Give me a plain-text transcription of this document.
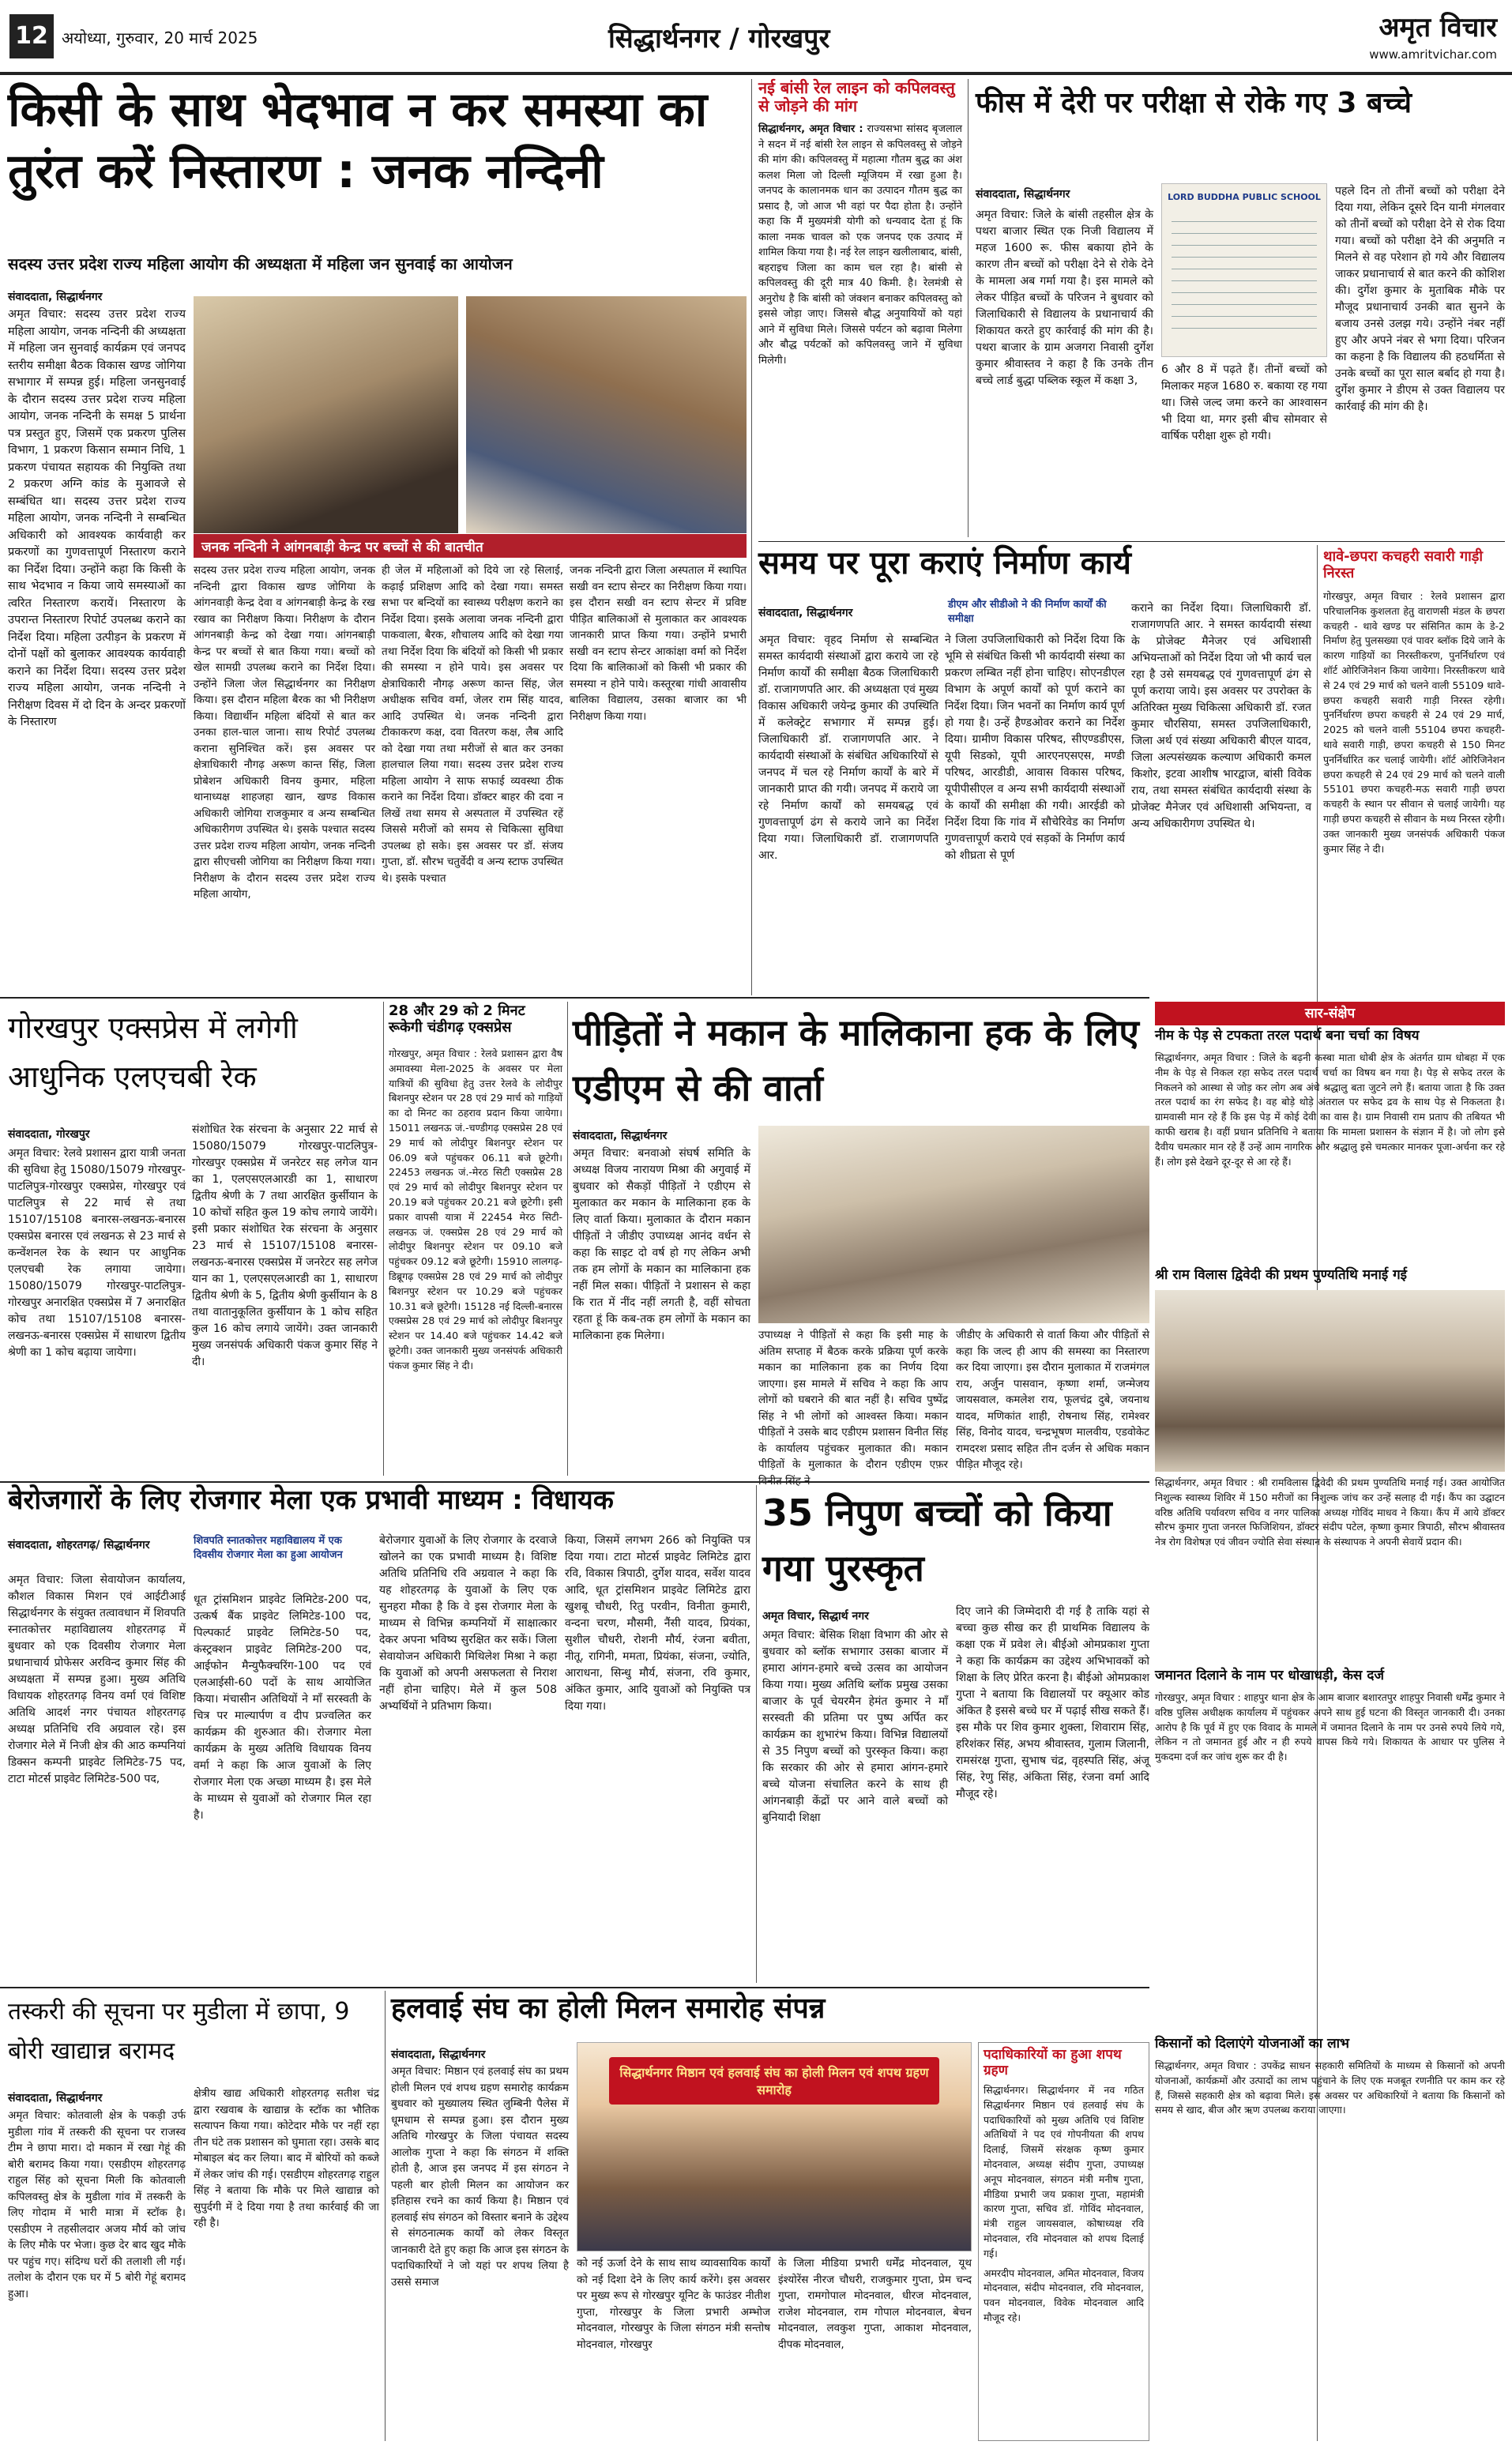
12 अयोध्या, गुरुवार, 20 मार्च 2025	सिद्धार्थनगर / गोरखपुर	अमृत विचार
www.amritvichar.com
किसी के साथ भेदभाव न कर समस्या का तुरंत करें निस्तारण : जनक नन्दिनी
सदस्य उत्तर प्रदेश राज्य महिला आयोग की अध्यक्षता में महिला जन सुनवाई का आयोजन
संवाददाता, सिद्धार्थनगर
अमृत विचार: सदस्य उत्तर प्रदेश राज्य महिला आयोग, जनक नन्दिनी की अध्यक्षता में महिला जन सुनवाई कार्यक्रम एवं जनपद स्तरीय समीक्षा बैठक विकास खण्ड जोगिया सभागार में सम्पन्न हुई। महिला जनसुनवाई के दौरान सदस्य उत्तर प्रदेश राज्य महिला आयोग, जनक नन्दिनी के समक्ष 5 प्रार्थना पत्र प्रस्तुत हुए, जिसमें एक प्रकरण पुलिस विभाग, 1 प्रकरण किसान सम्मान निधि, 1 प्रकरण पंचायत सहायक की नियुक्ति तथा 2 प्रकरण अग्नि कांड के मुआवजे से सम्बंधित था। सदस्य उत्तर प्रदेश राज्य महिला आयोग, जनक नन्दिनी ने सम्बन्धित अधिकारी को आवश्यक कार्यवाही कर प्रकरणों का गुणवत्तापूर्ण निस्तारण कराने का निर्देश दिया। उन्होंने कहा कि किसी के साथ भेदभाव न किया जाये समस्याओं का त्वरित निस्तारण करायें। निस्तारण के उपरान्त निस्तारण रिपोर्ट उपलब्ध कराने का निर्देश दिया। महिला उत्पीड़न के प्रकरण में दोनों पक्षों को बुलाकर आवश्यक कार्यवाही कराने का निर्देश दिया। सदस्य उत्तर प्रदेश राज्य महिला आयोग, जनक नन्दिनी ने निरीक्षण दिवस में दो दिन के अन्दर प्रकरणों के निस्तारण
जनक नन्दिनी ने आंगनबाड़ी केन्द्र पर बच्चों से की बातचीत
सदस्य उत्तर प्रदेश राज्य महिला आयोग, जनक नन्दिनी द्वारा विकास खण्ड जोगिया के आंगनवाड़ी केन्द्र देवा व आंगनबाड़ी केन्द्र के रख रखाव का निरीक्षण किया। निरीक्षण के दौरान आंगनबाड़ी केन्द्र को देखा गया। आंगनबाड़ी केन्द्र पर बच्चों से बात किया गया। बच्चों को खेल सामग्री उपलब्ध कराने का निर्देश दिया। उन्होंने जिला जेल सिद्धार्थनगर का निरीक्षण किया। इस दौरान महिला बैरक का भी निरीक्षण किया। विद्यार्थीन महिला बंदियों से बात कर उनका हाल-चाल जाना। साथ रिपोर्ट उपलब्ध कराना सुनिश्चित करें। इस अवसर पर क्षेत्राधिकारी नौगढ़ अरूण कान्त सिंह, जिला प्रोबेशन अधिकारी विनय कुमार, महिला थानाध्यक्ष शाहजहा खान, खण्ड विकास अधिकारी जोगिया राजकुमार व अन्य सम्बन्धित अधिकारीगण उपस्थित थे। इसके पश्चात सदस्य उत्तर प्रदेश राज्य महिला आयोग, जनक नन्दिनी द्वारा सीएचसी जोगिया का निरीक्षण किया गया। निरीक्षण के दौरान सदस्य उत्तर प्रदेश राज्य महिला आयोग,
ही जेल में महिलाओं को दिये जा रहे सिलाई, कढ़ाई प्रशिक्षण आदि को देखा गया। समस्त सभा पर बन्दियों का स्वास्थ्य परीक्षण कराने का निर्देश दिया। इसके अलावा जनक नन्दिनी द्वारा पाकवाला, बैरक, शौचालय आदि को देखा गया तथा निर्देश दिया कि बंदियों को किसी भी प्रकार की समस्या न होने पाये। इस अवसर पर क्षेत्राधिकारी नौगढ़ अरूण कान्त सिंह, जेल अधीक्षक सचिव वर्मा, जेलर राम सिंह यादव, आदि उपस्थित थे। जनक नन्दिनी द्वारा टीकाकरण कक्ष, दवा वितरण कक्ष, लैब आदि को देखा गया तथा मरीजों से बात कर उनका हालचाल लिया गया। सदस्य उत्तर प्रदेश राज्य महिला आयोग ने साफ सफाई व्यवस्था ठीक कराने का निर्देश दिया। डॉक्टर बाहर की दवा न लिखें तथा समय से अस्पताल में उपस्थित रहें जिससे मरीजों को समय से चिकित्सा सुविधा उपलब्ध हो सके। इस अवसर पर डॉ. संजय गुप्ता, डॉ. सौरभ चतुर्वेदी व अन्य स्टाफ उपस्थित थे। इसके पश्चात
जनक नन्दिनी द्वारा जिला अस्पताल में स्थापित सखी वन स्टाप सेन्टर का निरीक्षण किया गया। इस दौरान सखी वन स्टाप सेन्टर में प्रविष्ट पीड़ित बालिकाओं से मुलाकात कर आवश्यक जानकारी प्राप्त किया गया। उन्होंने प्रभारी सखी वन स्टाप सेन्टर आकांक्षा वर्मा को निर्देश दिया कि बालिकाओं को किसी भी प्रकार की समस्या न होने पाये। कस्तूरबा गांधी आवासीय बालिका विद्यालय, उसका बाजार का भी निरीक्षण किया गया।
नई बांसी रेल लाइन को कपिलवस्तु से जोड़ने की मांग
सिद्धार्थनगर, अमृत विचार : राज्यसभा सांसद बृजलाल ने सदन में नई बांसी रेल लाइन से कपिलवस्तु से जोड़ने की मांग की। कपिलवस्तु में महात्मा गौतम बुद्ध का अंश कलश मिला जो दिल्ली म्यूजियम में रखा हुआ है। जनपद के कालानमक धान का उत्पादन गौतम बुद्ध का प्रसाद है, जो आज भी वहां पर पैदा होता है। उन्होंने कहा कि मैं मुख्यमंत्री योगी को धन्यवाद देता हूं कि काला नमक चावल को एक जनपद एक उत्पाद में शामिल किया गया है। नई रेल लाइन खलीलाबाद, बांसी, बहराइच जिला का काम चल रहा है। बांसी से कपिलवस्तु की दूरी मात्र 40 किमी. है। रेलमंत्री से अनुरोध है कि बांसी को जंक्शन बनाकर कपिलवस्तु को इससे जोड़ा जाए। जिससे बौद्ध अनुयायियों को यहां आने में सुविधा मिले। जिससे पर्यटन को बढ़ावा मिलेगा और बौद्ध पर्यटकों को कपिलवस्तु जाने में सुविधा मिलेगी।
फीस में देरी पर परीक्षा से रोके गए 3 बच्चे
संवाददाता, सिद्धार्थनगर
अमृत विचार: जिले के बांसी तहसील क्षेत्र के पथरा बाजार स्थित एक निजी विद्यालय में महज 1600 रू. फीस बकाया होने के कारण तीन बच्चों को परीक्षा देने से रोके देने के मामला अब गर्मा गया है। इस मामले को लेकर पीड़ित बच्चों के परिजन ने बुधवार को जिलाधिकारी से विद्यालय के प्रधानाचार्य की शिकायत करते हुए कार्रवाई की मांग की है। पथरा बाजार के ग्राम अजगरा निवासी दुर्गेश कुमार श्रीवास्तव ने कहा है कि उनके तीन बच्चे लार्ड बुद्धा पब्लिक स्कूल में कक्षा 3,
LORD BUDDHA PUBLIC SCHOOL
6 और 8 में पढ़ते हैं। तीनों बच्चों को मिलाकर महज 1680 रु. बकाया रह गया था। जिसे जल्द जमा करने का आश्वासन भी दिया था, मगर इसी बीच सोमवार से वार्षिक परीक्षा शुरू हो गयी।
पहले दिन तो तीनों बच्चों को परीक्षा देने दिया गया, लेकिन दूसरे दिन यानी मंगलवार को तीनों बच्चों को परीक्षा देने से रोक दिया गया। बच्चों को परीक्षा देने की अनुमति न मिलने से वह परेशान हो गये और विद्यालय जाकर प्रधानाचार्य से बात करने की कोशिश की। दुर्गेश कुमार के मुताबिक मौके पर मौजूद प्रधानाचार्य उनकी बात सुनने के बजाय उनसे उलझ गये। उन्होंने नंबर नहीं हुए और अपने नंबर से भगा दिया। परिजन का कहना है कि विद्यालय की हठधर्मिता से उनके बच्चों का पूरा साल बर्बाद हो गया है। दुर्गेश कुमार ने डीएम से उक्त विद्यालय पर कार्रवाई की मांग की है।
समय पर पूरा कराएं निर्माण कार्य
संवाददाता, सिद्धार्थनगर
डीएम और सीडीओ ने की निर्माण कार्यों की समीक्षा
अमृत विचार: वृहद निर्माण से सम्बन्धित समस्त कार्यदायी संस्थाओं द्वारा कराये जा रहे निर्माण कार्यों की समीक्षा बैठक जिलाधिकारी डॉ. राजागणपति आर. की अध्यक्षता एवं मुख्य विकास अधिकारी जयेन्द्र कुमार की उपस्थिति में कलेक्ट्रेट सभागार में सम्पन्न हुई। जिलाधिकारी डॉ. राजागणपति आर. ने कार्यदायी संस्थाओं के संबंधित अधिकारियों से जनपद में चल रहे निर्माण कार्यों के बारे में जानकारी प्राप्त की गयी। जनपद में कराये जा रहे निर्माण कार्यों को समयबद्ध एवं गुणवत्तापूर्ण ढंग से कराये जाने का निर्देश दिया गया। जिलाधिकारी डॉ. राजागणपति आर.
ने जिला उपजिलाधिकारी को निर्देश दिया कि भूमि से संबंधित किसी भी कार्यदायी संस्था का प्रकरण लम्बित नहीं होना चाहिए। सोएनडीएल विभाग के अपूर्ण कार्यों को पूर्ण कराने का निर्देश दिया। जिन भवनों का निर्माण कार्य पूर्ण हो गया है। उन्हें हैण्डओवर कराने का निर्देश दिया। ग्रामीण विकास परिषद, सीएण्डडीएस, यूपी सिडको, यूपी आरएनएसएस, मण्डी परिषद, आरडीडी, आवास विकास परिषद, यूपीपीसीएल व अन्य सभी कार्यदायी संस्थाओं के कार्यों की समीक्षा की गयी। आरईडी को निर्देश दिया कि गांव में सौचेरिवेड का निर्माण गुणवत्तापूर्ण कराये एवं सड़कों के निर्माण कार्य को शीघ्रता से पूर्ण
कराने का निर्देश दिया। जिलाधिकारी डॉ. राजागणपति आर. ने समस्त कार्यदायी संस्था के प्रोजेक्ट मैनेजर एवं अधिशासी अभियन्ताओं को निर्देश दिया जो भी कार्य चल रहा है उसे समयबद्ध एवं गुणवत्तापूर्ण ढंग से पूर्ण कराया जाये। इस अवसर पर उपरोक्त के अतिरिक्त मुख्य चिकित्सा अधिकारी डॉ. रजत कुमार चौरसिया, समस्त उपजिलाधिकारी, जिला अर्थ एवं संख्या अधिकारी बीएल यादव, जिला अल्पसंख्यक कल्याण अधिकारी कमल किशोर, इटवा आशीष भारद्वाज, बांसी विवेक राय, तथा समस्त संबंधित कार्यदायी संस्था के प्रोजेक्ट मैनेजर एवं अधिशासी अभियन्ता, व अन्य अधिकारीगण उपस्थित थे।
थावे-छपरा कचहरी सवारी गाड़ी निरस्त
गोरखपुर, अमृत विचार : रेलवे प्रशासन द्वारा परिचालनिक कुशलता हेतु वाराणसी मंडल के छपरा कचहरी - थावे खण्ड पर संसिनित काम के डे-2 निर्माण हेतु पुलसख्या एवं पावर ब्लॉक दिये जाने के कारण गाड़ियों का निरस्तीकरण, पुनर्निर्धारण एवं शॉर्ट ओरिजिनेशन किया जायेगा। निरस्तीकरण थावे से 24 एवं 29 मार्च को चलने वाली 55109 थावे-छपरा कचहरी सवारी गाड़ी निरस्त रहेगी। पुनर्निर्धारण छपरा कचहरी से 24 एवं 29 मार्च, 2025 को चलने वाली 55104 छपरा कचहरी-थावे सवारी गाड़ी, छपरा कचहरी से 150 मिनट पुनर्निर्धारित कर चलाई जायेगी। शॉर्ट ओरिजिनेशन छपरा कचहरी से 24 एवं 29 मार्च को चलने वाली 55101 छपरा कचहरी-मऊ सवारी गाड़ी छपरा कचहरी के स्थान पर सीवान से चलाई जायेगी। यह गाड़ी छपरा कचहरी से सीवान के मध्य निरस्त रहेगी। उक्त जानकारी मुख्य जनसंपर्क अधिकारी पंकज कुमार सिंह ने दी।
सार-संक्षेप
नीम के पेड़ से टपकता तरल पदार्थ बना चर्चा का विषय
सिद्धार्थनगर, अमृत विचार : जिले के बढ़नी कस्बा माता धोबी क्षेत्र के अंतर्गत ग्राम धोबहा में एक नीम के पेड़ से निकल रहा सफेद तरल पदार्थ चर्चा का विषय बन गया है। पेड़ से सफेद तरल के निकलने को आस्था से जोड़ कर लोग अब अंधे श्रद्धालु बता जुटने लगे हैं। बताया जाता है कि उक्त तरल पदार्थ का रंग सफेद है। वह बोड़े थोड़े अंतराल पर सफेद द्रव के साथ पेड़ से निकलता है। ग्रामवासी मान रहे हैं कि इस पेड़ में कोई देवी का वास है। ग्राम निवासी राम प्रताप की तबियत भी काफी खराब है। वहीं प्रधान प्रतिनिधि ने बताया कि मामला प्रशासन के संज्ञान में है। जो लोग इसे दैवीय चमत्कार मान रहे हैं उन्हें आम नागरिक और श्रद्धालु इसे चमत्कार मानकर पूजा-अर्चना कर रहे हैं। लोग इसे देखने दूर-दूर से आ रहे हैं।
श्री राम विलास द्विवेदी की प्रथम पुण्यतिथि मनाई गई
सिद्धार्थनगर, अमृत विचार : श्री रामविलास द्विवेदी की प्रथम पुण्यतिथि मनाई गई। उक्त आयोजित निशुल्क स्वास्थ्य शिविर में 150 मरीजों का निशुल्क जांच कर उन्हें सलाह दी गई। कैंप का उद्घाटन वरिष्ठ अतिथि पर्यावरण सचिव व नगर पालिका अध्यक्ष गोविंद माधव ने किया। कैंप में आये डॉक्टर सौरभ कुमार गुप्ता जनरल फिजिशियन, डॉक्टर संदीप पटेल, कृष्णा कुमार त्रिपाठी, सौरभ श्रीवास्तव नेत्र रोग विशेषज्ञ एवं जीवन ज्योति सेवा संस्थान के संस्थापक ने अपनी सेवायें प्रदान की।
जमानत दिलाने के नाम पर धोखाधड़ी, केस दर्ज
गोरखपुर, अमृत विचार : शाहपुर थाना क्षेत्र के आम बाजार बशारतपुर शाहपुर निवासी धर्मेंद्र कुमार ने वरिष्ठ पुलिस अधीक्षक कार्यालय में पहुंचकर अपने साथ हुई घटना की विस्तृत जानकारी दी। उनका आरोप है कि पूर्व में हुए एक विवाद के मामले में जमानत दिलाने के नाम पर उनसे रुपये लिये गये, लेकिन न तो जमानत हुई और न ही रुपये वापस किये गये। शिकायत के आधार पर पुलिस ने मुकदमा दर्ज कर जांच शुरू कर दी है।
किसानों को दिलाएंगे योजनाओं का लाभ
सिद्धार्थनगर, अमृत विचार : उपकेंद्र साधन सहकारी समितियों के माध्यम से किसानों को अपनी योजनाओं, कार्यक्रमों और उत्पादों का लाभ पहुंचाने के लिए एक मजबूत रणनीति पर काम कर रहे हैं, जिससे सहकारी क्षेत्र को बढ़ावा मिले। इस अवसर पर अधिकारियों ने बताया कि किसानों को समय से खाद, बीज और ऋण उपलब्ध कराया जाएगा।
गोरखपुर एक्सप्रेस में लगेगी आधुनिक एलएचबी रेक
संवाददाता, गोरखपुर
अमृत विचार: रेलवे प्रशासन द्वारा यात्री जनता की सुविधा हेतु 15080/15079 गोरखपुर-पाटलिपुत्र-गोरखपुर एक्सप्रेस, गोरखपुर एवं पाटलिपुत्र से 22 मार्च से तथा 15107/15108 बनारस-लखनऊ-बनारस एक्सप्रेस बनारस एवं लखनऊ से 23 मार्च से कन्वेंशनल रेक के स्थान पर आधुनिक एलएचबी रेक लगाया जायेगा। 15080/15079 गोरखपुर-पाटलिपुत्र-गोरखपुर अनारक्षित एक्सप्रेस में 7 अनारक्षित कोच तथा 15107/15108 बनारस-लखनऊ-बनारस एक्सप्रेस में साधारण द्वितीय श्रेणी का 1 कोच बढ़ाया जायेगा।
संशोधित रेक संरचना के अनुसार 22 मार्च से 15080/15079 गोरखपुर-पाटलिपुत्र-गोरखपुर एक्सप्रेस में जनरेटर सह लगेज यान का 1, एलएसएलआरडी का 1, साधारण द्वितीय श्रेणी के 7 तथा आरक्षित कुर्सीयान के 10 कोचों सहित कुल 19 कोच लगाये जायेंगे। इसी प्रकार संशोधित रेक संरचना के अनुसार 23 मार्च से 15107/15108 बनारस-लखनऊ-बनारस एक्सप्रेस में जनरेटर सह लगेज यान का 1, एलएसएलआरडी का 1, साधारण द्वितीय श्रेणी के 5, द्वितीय श्रेणी कुर्सीयान के 8 तथा वातानुकूलित कुर्सीयान के 1 कोच सहित कुल 16 कोच लगाये जायेंगे। उक्त जानकारी मुख्य जनसंपर्क अधिकारी पंकज कुमार सिंह ने दी।
28 और 29 को 2 मिनट रूकेगी चंडीगढ़ एक्सप्रेस
गोरखपुर, अमृत विचार : रेलवे प्रशासन द्वारा वैष अमावस्या मेला-2025 के अवसर पर मेला यात्रियों की सुविधा हेतु उत्तर रेलवे के लोदीपुर बिशनपुर स्टेशन पर 28 एवं 29 मार्च को गाड़ियों का दो मिनट का ठहराव प्रदान किया जायेगा। 15011 लखनऊ जं.-चण्डीगढ़ एक्सप्रेस 28 एवं 29 मार्च को लोदीपुर बिशनपुर स्टेशन पर 06.09 बजे पहुंचकर 06.11 बजे छूटेगी। 22453 लखनऊ जं.-मेरठ सिटी एक्सप्रेस 28 एवं 29 मार्च को लोदीपुर बिशनपुर स्टेशन पर 20.19 बजे पहुंचकर 20.21 बजे छूटेगी। इसी प्रकार वापसी यात्रा में 22454 मेरठ सिटी-लखनऊ जं. एक्सप्रेस 28 एवं 29 मार्च को लोदीपुर बिशनपुर स्टेशन पर 09.10 बजे पहुंचकर 09.12 बजे छूटेगी। 15910 लालगढ़-डिब्रूगढ़ एक्सप्रेस 28 एवं 29 मार्च को लोदीपुर बिशनपुर स्टेशन पर 10.29 बजे पहुंचकर 10.31 बजे छूटेगी। 15128 नई दिल्ली-बनारस एक्सप्रेस 28 एवं 29 मार्च को लोदीपुर बिशनपुर स्टेशन पर 14.40 बजे पहुंचकर 14.42 बजे छूटेगी। उक्त जानकारी मुख्य जनसंपर्क अधिकारी पंकज कुमार सिंह ने दी।
पीड़ितों ने मकान के मालिकाना हक के लिए एडीएम से की वार्ता
संवाददाता, सिद्धार्थनगर
अमृत विचार: बनवाओ संघर्ष समिति के अध्यक्ष विजय नारायण मिश्रा की अगुवाई में बुधवार को सैकड़ों पीड़ितों ने एडीएम से मुलाकात कर मकान के मालिकाना हक के लिए वार्ता किया। मुलाकात के दौरान मकान पीड़ितों ने जीडीए उपाध्यक्ष आनंद वर्धन से कहा कि साइट दो वर्ष हो गए लेकिन अभी तक हम लोगों के मकान का मालिकाना हक नहीं मिल सका। पीड़ितों ने प्रशासन से कहा कि रात में नींद नहीं लगती है, वहीं सोचता रहता हूं कि कब-तक हम लोगों के मकान का मालिकाना हक मिलेगा।	उपाध्यक्ष ने पीड़ितों से कहा कि इसी माह के अंतिम सप्ताह में बैठक करके प्रक्रिया पूर्ण करके मकान का मालिकाना हक का निर्णय दिया जाएगा। इस मामले में सचिव ने कहा कि आप लोगों को घबराने की बात नहीं है। सचिव पुष्पेंद्र सिंह ने भी लोगों को आश्वस्त किया। मकान पीड़ितों ने उसके बाद एडीएम प्रशासन विनीत सिंह के कार्यालय पहुंचकर मुलाकात की। मकान पीड़ितों के मुलाकात के दौरान एडीएम एफ़र
जीडीए के अधिकारी से वार्ता किया और पीड़ितों से कहा कि जल्द ही आप की समस्या का निस्तारण कर दिया जाएगा। इस दौरान मुलाकात में राजमंगल राय, अर्जुन पासवान, कृष्णा शर्मा, जन्मेजय जायसवाल, कमलेश राय, फूलचंद्र दुबे, जयनाथ यादव, मणिकांत शाही, रोषनाथ सिंह, रामेश्वर सिंह, विनोद यादव, चन्द्रभूषण मालवीय, एडवोकेट रामदरश प्रसाद सहित तीन दर्जन से अधिक मकान पीड़ित मौजूद रहे।
बेरोजगारों के लिए रोजगार मेला एक प्रभावी माध्यम : विधायक
संवाददाता, शोहरतगढ़/ सिद्धार्थनगर
अमृत विचार: जिला सेवायोजन कार्यालय, कौशल विकास मिशन एवं आईटीआई सिद्धार्थनगर के संयुक्त तत्वावधान में शिवपति स्नातकोत्तर महाविद्यालय शोहरतगढ़ में बुधवार को एक दिवसीय रोजगार मेला प्रधानाचार्य प्रोफेसर अरविन्द कुमार सिंह की अध्यक्षता में सम्पन्न हुआ। मुख्य अतिथि विधायक शोहरतगढ़ विनय वर्मा एवं विशिष्ट अतिथि आदर्श नगर पंचायत शोहरतगढ़ अध्यक्ष प्रतिनिधि रवि अग्रवाल रहे। इस रोजगार मेले में निजी क्षेत्र की आठ कम्पनियां डिक्सन कम्पनी प्राइवेट लिमिटेड-75 पद, टाटा मोटर्स प्राइवेट लिमिटेड-500 पद,
शिवपति स्नातकोत्तर महाविद्यालय में एक दिवसीय रोजगार मेला का हुआ आयोजन
धूत ट्रांसमिशन प्राइवेट लिमिटेड-200 पद, उत्कर्ष बैंक प्राइवेट लिमिटेड-100 पद, पिल्पकार्ट प्राइवेट लिमिटेड-50 पद, कंस्ट्रक्शन प्राइवेट लिमिटेड-200 पद, आईफोन मैन्युफैक्चरिंग-100 पद एवं एलआईसी-60 पदों के साथ आयोजित किया। मंचासीन अतिथियों ने माँ सरस्वती के चित्र पर माल्यार्पण व दीप प्रज्वलित कर कार्यक्रम की शुरुआत की। रोजगार मेला कार्यक्रम के मुख्य अतिथि विधायक विनय वर्मा ने कहा कि आज युवाओं के लिए रोजगार मेला एक अच्छा माध्यम है। इस मेले के माध्यम से युवाओं को रोजगार मिल रहा है।
बेरोजगार युवाओं के लिए रोजगार के दरवाजे खोलने का एक प्रभावी माध्यम है। विशिष्ट अतिथि प्रतिनिधि रवि अग्रवाल ने कहा कि यह शोहरतगढ़ के युवाओं के लिए एक सुनहरा मौका है कि वे इस रोजगार मेला के माध्यम से विभिन्न कम्पनियों में साक्षात्कार देकर अपना भविष्य सुरक्षित कर सकें। जिला सेवायोजन अधिकारी मिथिलेश मिश्रा ने कहा कि युवाओं को अपनी असफलता से निराश नहीं होना चाहिए। मेले में कुल 508 अभ्यर्थियों ने प्रतिभाग किया।
किया, जिसमें लगभग 266 को नियुक्ति पत्र दिया गया। टाटा मोटर्स प्राइवेट लिमिटेड द्वारा रवि, विकास त्रिपाठी, दुर्गेश यादव, सर्वेश यादव आदि, धूत ट्रांसमिशन प्राइवेट लिमिटेड द्वारा खुशबू चौधरी, रितु परवीन, विनीता कुमारी, वन्दना चरण, मौसमी, नैंसी यादव, प्रियंका, सुशील चौधरी, रोशनी मौर्य, रंजना बवीता, नीतू, रागिनी, ममता, प्रियंका, संजना, ज्योति, आराधना, सिन्धु मौर्य, संजना, रवि कुमार, अंकित कुमार, आदि युवाओं को नियुक्ति पत्र दिया गया।
35 निपुण बच्चों को किया गया पुरस्कृत
अमृत विचार, सिद्धार्थ नगर
अमृत विचार: बेसिक शिक्षा विभाग की ओर से बुधवार को ब्लॉक सभागार उसका बाजार में हमारा आंगन-हमारे बच्चे उत्सव का आयोजन किया गया। मुख्य अतिथि ब्लॉक प्रमुख उसका बाजार के पूर्व चेयरमैन हेमंत कुमार ने माँ सरस्वती की प्रतिमा पर पुष्प अर्पित कर कार्यक्रम का शुभारंभ किया। विभिन्न विद्यालयों से 35 निपुण बच्चों को पुरस्कृत किया। कहा कि सरकार की ओर से हमारा आंगन-हमारे बच्चे योजना संचालित करने के साथ ही आंगनबाड़ी केंद्रों पर आने वाले बच्चों को बुनियादी शिक्षा
दिए जाने की जिम्मेदारी दी गई है ताकि यहां से बच्चा कुछ सीख कर ही प्राथमिक विद्यालय के कक्षा एक में प्रवेश ले। बीईओ ओमप्रकाश गुप्ता ने कहा कि कार्यक्रम का उद्देश्य अभिभावकों को शिक्षा के लिए प्रेरित करना है। बीईओ ओमप्रकाश गुप्ता ने बताया कि विद्यालयों पर क्यूआर कोड अंकित है इससे बच्चे घर में पढ़ाई सीख सकते हैं। इस मौके पर शिव कुमार शुक्ला, शिवाराम सिंह, हरिशंकर सिंह, अभय श्रीवास्तव, गुलाम जिलानी, रामसंरक्ष गुप्ता, सुभाष चंद्र, वृहस्पति सिंह, अंजू सिंह, रेणु सिंह, अंकिता सिंह, रंजना वर्मा आदि मौजूद रहे।
तस्करी की सूचना पर मुडीला में छापा, 9 बोरी खाद्यान्न बरामद
संवाददाता, सिद्धार्थनगर
अमृत विचार: कोतवाली क्षेत्र के पकड़ी उर्फ मुडीला गांव में तस्करी की सूचना पर राजस्व टीम ने छापा मारा। दो मकान में रखा गेहूं की बोरी बरामद किया गया। एसडीएम शोहरतगढ़ राहुल सिंह को सूचना मिली कि कोतवाली कपिलवस्तु क्षेत्र के मुडीला गांव में तस्करी के लिए गोदाम में भारी मात्रा में स्टॉक है। एसडीएम ने तहसीलदार अजय मौर्य को जांच के लिए मौके पर भेजा। कुछ देर बाद खुद मौके पर पहुंच गए। संदिग्ध घरों की तलाशी ली गई। तलोश के दौरान एक घर में 5 बोरी गेहूं बरामद हुआ।
क्षेत्रीय खाद्य अधिकारी शोहरतगढ़ सतीश चंद्र द्वारा रखवाब के खाद्यान्न के स्टॉक का भौतिक सत्यापन किया गया। कोटेदार मौके पर नहीं रहा तीन घंटे तक प्रशासन को घुमाता रहा। उसके बाद मोबाइल बंद कर लिया। बाद में बोरियों को कब्जे में लेकर जांच की गई। एसडीएम शोहरतगढ़ राहुल सिंह ने बताया कि मौके पर मिले खाद्यान्न को सुपुर्दगी में दे दिया गया है तथा कार्रवाई की जा रही है।
हलवाई संघ का होली मिलन समारोह संपन्न
संवाददाता, सिद्धार्थनगर
अमृत विचार: मिष्ठान एवं हलवाई संघ का प्रथम होली मिलन एवं शपथ ग्रहण समारोह कार्यक्रम बुधवार को मुख्यालय स्थित लुम्बिनी पैलेस में धूमधाम से सम्पन्न हुआ। इस दौरान मुख्य अतिथि गोरखपुर के जिला पंचायत सदस्य आलोक गुप्ता ने कहा कि संगठन में शक्ति होती है, आज इस जनपद में इस संगठन ने पहली बार होली मिलन का आयोजन कर इतिहास रचने का कार्य किया है। मिष्ठान एवं हलवाई संघ संगठन को विस्तार बनाने के उद्देश्य से संगठनात्मक कार्यों को लेकर विस्तृत जानकारी देते हुए कहा कि आज इस संगठन के पदाधिकारियों ने जो यहां पर शपथ लिया है उससे समाज
सिद्धार्थनगर मिष्ठान एवं हलवाई संघ का होली मिलन एवं शपथ ग्रहण समारोह
को नई ऊर्जा देने के साथ साथ व्यावसायिक कार्यों को नई दिशा देने के लिए कार्य करेंगे। इस अवसर पर मुख्य रूप से गोरखपुर यूनिट के फाउंडर नीतीश गुप्ता, गोरखपुर के जिला प्रभारी अम्भोज मोदनवाल, गोरखपुर के जिला संगठन मंत्री सन्तोष मोदनवाल, गोरखपुर
के जिला मीडिया प्रभारी धर्मेंद्र मोदनवाल, यूथ इंश्योरेंस नीरज चौधरी, राजकुमार गुप्ता, प्रेम चन्द गुप्ता, रामगोपाल मोदनवाल, धीरज मोदनवाल, राजेश मोदनवाल, राम गोपाल मोदनवाल, बेचन मोदनवाल, लवकुश गुप्ता, आकाश मोदनवाल, दीपक मोदनवाल,
पदाधिकारियों का हुआ शपथ ग्रहण
सिद्धार्थनगर। सिद्धार्थनगर में नव गठित सिद्धार्थनगर मिष्ठान एवं हलवाई संघ के पदाधिकारियों को मुख्य अतिथि एवं विशिष्ट अतिथियों ने पद एवं गोपनीयता की शपथ दिलाई, जिसमें संरक्षक कृष्ण कुमार मोदनवाल, अध्यक्ष संदीप गुप्ता, उपाध्यक्ष अनूप मोदनवाल, संगठन मंत्री मनीष गुप्ता, मीडिया प्रभारी जय प्रकाश गुप्ता, महामंत्री कारण गुप्ता, सचिव डॉ. गोविंद मोदनवाल, मंत्री राहुल जायसवाल, कोषाध्यक्ष रवि मोदनवाल, रवि मोदनवाल को शपथ दिलाई गई।
अमरदीप मोदनवाल, अमित मोदनवाल, विजय मोदनवाल, संदीप मोदनवाल, रवि मोदनवाल, पवन मोदनवाल, विवेक मोदनवाल आदि मौजूद रहे।
